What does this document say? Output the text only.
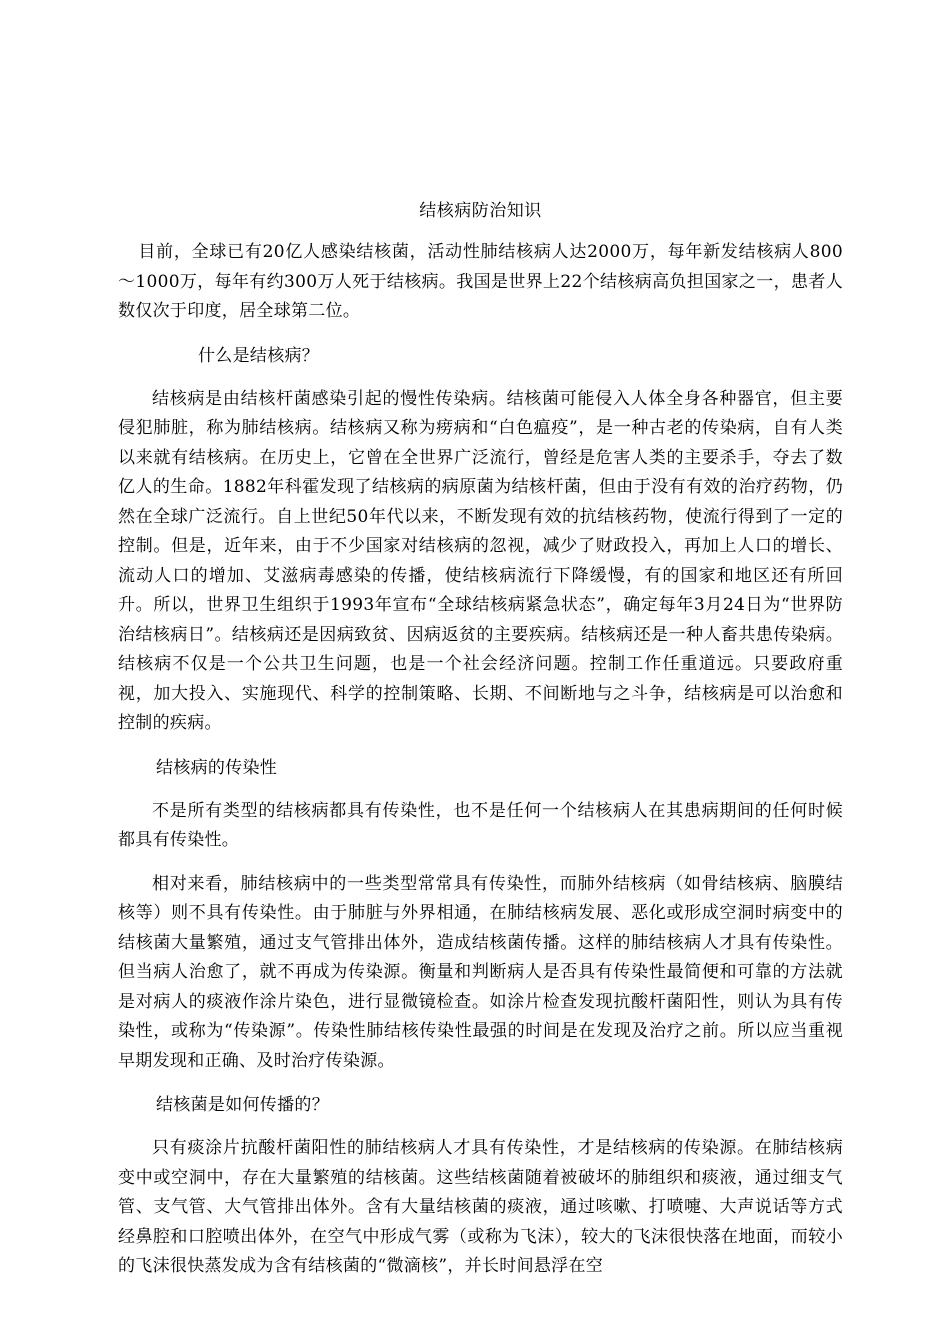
结核病防治知识

目前，全球已有20亿人感染结核菌，活动性肺结核病人达2000万，每年新发结核病人800～1000万，每年有约300万人死于结核病。我国是世界上22个结核病高负担国家之一，患者人数仅次于印度，居全球第二位。

什么是结核病？

结核病是由结核杆菌感染引起的慢性传染病。结核菌可能侵入人体全身各种器官，但主要侵犯肺脏，称为肺结核病。结核病又称为痨病和“白色瘟疫”，是一种古老的传染病，自有人类以来就有结核病。在历史上，它曾在全世界广泛流行，曾经是危害人类的主要杀手，夺去了数亿人的生命。1882年科霍发现了结核病的病原菌为结核杆菌，但由于没有有效的治疗药物，仍然在全球广泛流行。自上世纪50年代以来，不断发现有效的抗结核药物，使流行得到了一定的控制。但是，近年来，由于不少国家对结核病的忽视，减少了财政投入，再加上人口的增长、流动人口的增加、艾滋病毒感染的传播，使结核病流行下降缓慢，有的国家和地区还有所回升。所以，世界卫生组织于1993年宣布“全球结核病紧急状态”，确定每年3月24日为“世界防治结核病日”。结核病还是因病致贫、因病返贫的主要疾病。结核病还是一种人畜共患传染病。结核病不仅是一个公共卫生问题，也是一个社会经济问题。控制工作任重道远。只要政府重视，加大投入、实施现代、科学的控制策略、长期、不间断地与之斗争，结核病是可以治愈和控制的疾病。

结核病的传染性

不是所有类型的结核病都具有传染性，也不是任何一个结核病人在其患病期间的任何时候都具有传染性。

相对来看，肺结核病中的一些类型常常具有传染性，而肺外结核病（如骨结核病、脑膜结核等）则不具有传染性。由于肺脏与外界相通，在肺结核病发展、恶化或形成空洞时病变中的结核菌大量繁殖，通过支气管排出体外，造成结核菌传播。这样的肺结核病人才具有传染性。但当病人治愈了，就不再成为传染源。衡量和判断病人是否具有传染性最简便和可靠的方法就是对病人的痰液作涂片染色，进行显微镜检查。如涂片检查发现抗酸杆菌阳性，则认为具有传染性，或称为“传染源”。传染性肺结核传染性最强的时间是在发现及治疗之前。所以应当重视早期发现和正确、及时治疗传染源。

结核菌是如何传播的？

只有痰涂片抗酸杆菌阳性的肺结核病人才具有传染性，才是结核病的传染源。在肺结核病变中或空洞中，存在大量繁殖的结核菌。这些结核菌随着被破坏的肺组织和痰液，通过细支气管、支气管、大气管排出体外。含有大量结核菌的痰液，通过咳嗽、打喷嚏、大声说话等方式经鼻腔和口腔喷出体外，在空气中形成气雾（或称为飞沫），较大的飞沫很快落在地面，而较小的飞沫很快蒸发成为含有结核菌的“微滴核”，并长时间悬浮在空
